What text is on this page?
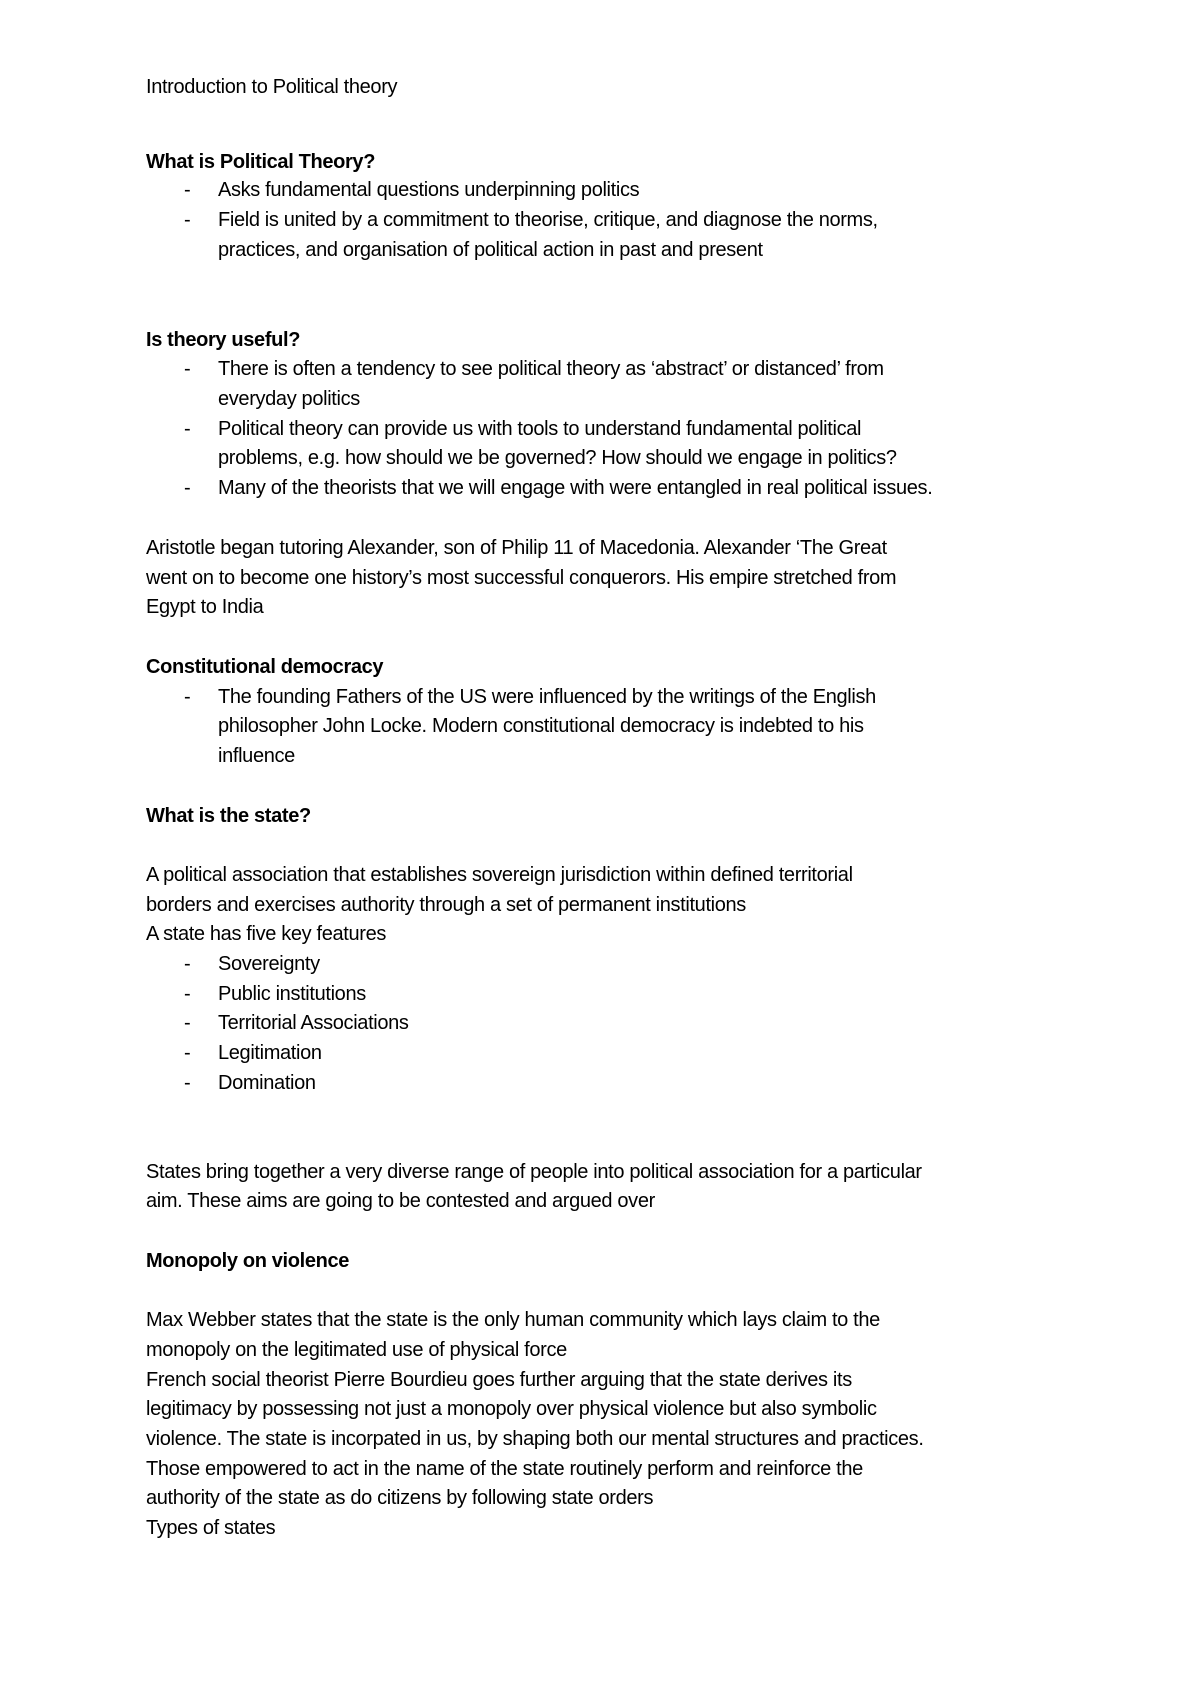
Introduction to Political theory
What is Political Theory?
- Asks fundamental questions underpinning politics
- Field is united by a commitment to theorise, critique, and diagnose the norms,
practices, and organisation of political action in past and present
Is theory useful?
- There is often a tendency to see political theory as ‘abstract’ or distanced’ from
everyday politics
- Political theory can provide us with tools to understand fundamental political
problems, e.g. how should we be governed? How should we engage in politics?
- Many of the theorists that we will engage with were entangled in real political issues.
Aristotle began tutoring Alexander, son of Philip 11 of Macedonia. Alexander ‘The Great
went on to become one history’s most successful conquerors. His empire stretched from
Egypt to India
Constitutional democracy
- The founding Fathers of the US were influenced by the writings of the English
philosopher John Locke. Modern constitutional democracy is indebted to his
influence
What is the state?
A political association that establishes sovereign jurisdiction within defined territorial
borders and exercises authority through a set of permanent institutions
A state has five key features
- Sovereignty
- Public institutions
- Territorial Associations
- Legitimation
- Domination
States bring together a very diverse range of people into political association for a particular
aim. These aims are going to be contested and argued over
Monopoly on violence
Max Webber states that the state is the only human community which lays claim to the
monopoly on the legitimated use of physical force
French social theorist Pierre Bourdieu goes further arguing that the state derives its
legitimacy by possessing not just a monopoly over physical violence but also symbolic
violence. The state is incorpated in us, by shaping both our mental structures and practices.
Those empowered to act in the name of the state routinely perform and reinforce the
authority of the state as do citizens by following state orders
Types of states
